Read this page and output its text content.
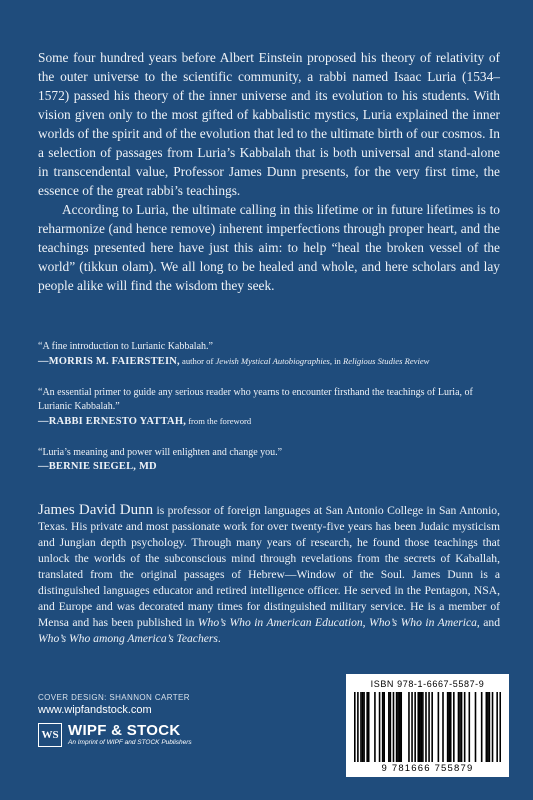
Some four hundred years before Albert Einstein proposed his theory of relativity of the outer universe to the scientific community, a rabbi named Isaac Luria (1534–1572) passed his theory of the inner universe and its evolution to his students. With vision given only to the most gifted of kabbalistic mystics, Luria explained the inner worlds of the spirit and of the evolution that led to the ultimate birth of our cosmos. In a selection of passages from Luria’s Kabbalah that is both universal and stand-alone in transcendental value, Professor James Dunn presents, for the very first time, the essence of the great rabbi’s teachings.

According to Luria, the ultimate calling in this lifetime or in future lifetimes is to reharmonize (and hence remove) inherent imperfections through proper heart, and the teachings presented here have just this aim: to help “heal the broken vessel of the world” (tikkun olam). We all long to be healed and whole, and here scholars and lay people alike will find the wisdom they seek.

“A fine introduction to Lurianic Kabbalah.”
—MORRIS M. FAIERSTEIN, author of Jewish Mystical Autobiographies, in Religious Studies Review
“An essential primer to guide any serious reader who yearns to encounter firsthand the teachings of Luria, of Lurianic Kabbalah.”
—RABBI ERNESTO YATTAH, from the foreword
“Luria’s meaning and power will enlighten and change you.”
—BERNIE SIEGEL, MD
James David Dunn is professor of foreign languages at San Antonio College in San Antonio, Texas. His private and most passionate work for over twenty-five years has been Judaic mysticism and Jungian depth psychology. Through many years of research, he found those teachings that unlock the worlds of the subconscious mind through revelations from the secrets of Kaballah, translated from the original passages of Hebrew—Window of the Soul. James Dunn is a distinguished languages educator and retired intelligence officer. He served in the Pentagon, NSA, and Europe and was decorated many times for distinguished military service. He is a member of Mensa and has been published in Who’s Who in American Education, Who’s Who in America, and Who’s Who among America’s Teachers.
COVER DESIGN: SHANNON CARTER
www.wipfandstock.com
WS WIPF & STOCK
An Imprint of WIPF and STOCK Publishers
ISBN 978-1-6667-5587-9
9 781666 755879
